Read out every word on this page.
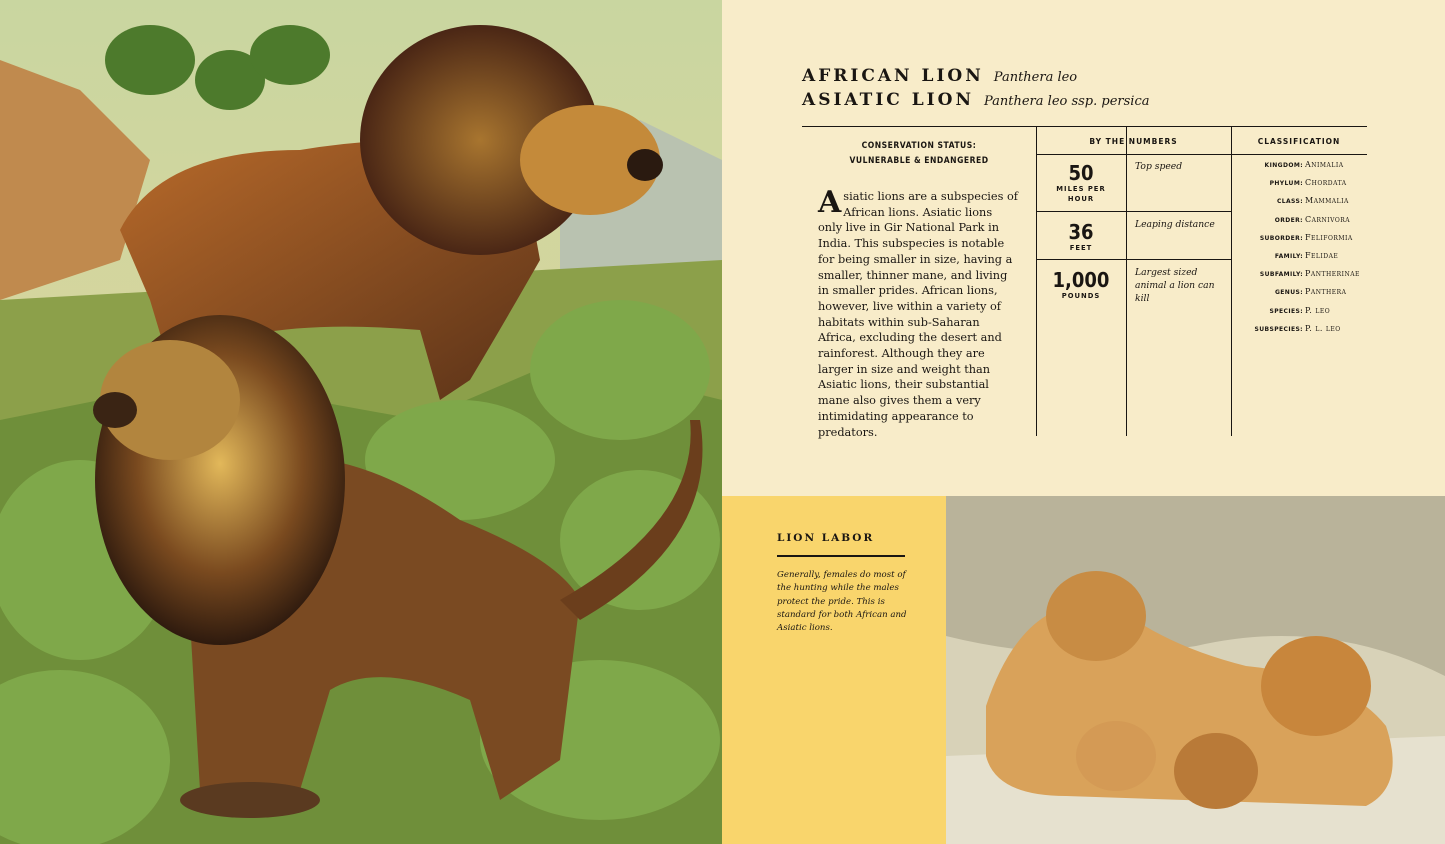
AFRICAN LION Panthera leo
ASIATIC LION Panthera leo ssp. persica
CONSERVATION STATUS:
VULNERABLE & ENDANGERED
Asiatic lions are a subspecies of African lions. Asiatic lions only live in Gir National Park in India. This subspecies is notable for being smaller in size, having a smaller, thinner mane, and living in smaller prides. African lions, however, live within a variety of habitats within sub-Saharan Africa, excluding the desert and rainforest. Although they are larger in size and weight than Asiatic lions, their substantial mane also gives them a very intimidating appearance to predators.
BY THE NUMBERS	CLASSIFICATION
50
MILES PER
HOUR
Top speed
36
FEET
Leaping distance
1,000
POUNDS
Largest sized animal a lion can kill
KINGDOM: Animalia
PHYLUM: Chordata
CLASS: Mammalia
ORDER: Carnivora
SUBORDER: Feliformia
FAMILY: Felidae
SUBFAMILY: Pantherinae
GENUS: Panthera
SPECIES: P. leo
SUBSPECIES: P. l. leo
LION LABOR
Generally, females do most of the hunting while the males protect the pride. This is standard for both African and Asiatic lions.
